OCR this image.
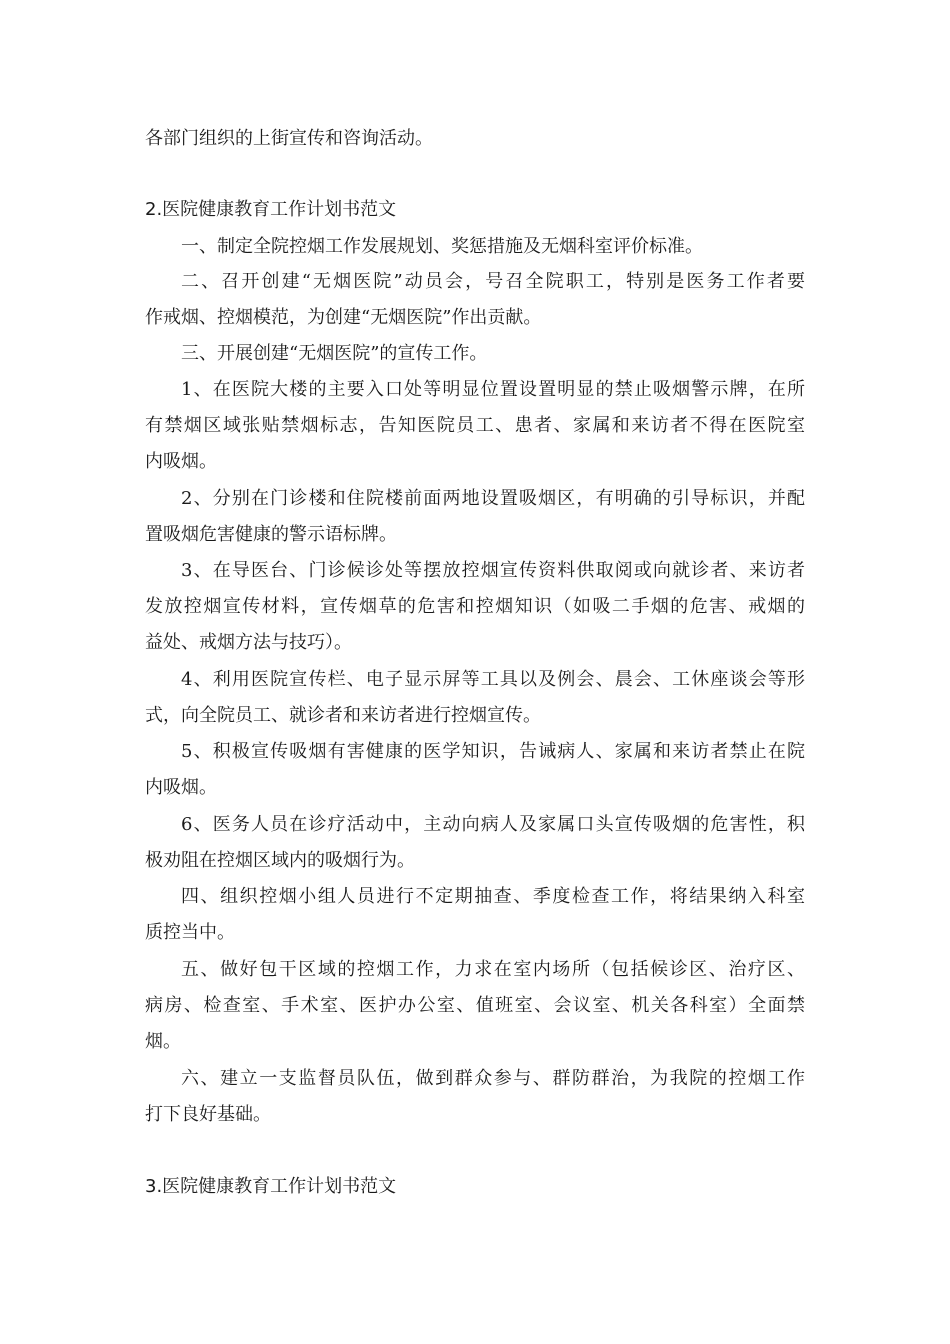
各部门组织的上街宣传和咨询活动。
2.医院健康教育工作计划书范文
一、制定全院控烟工作发展规划、奖惩措施及无烟科室评价标准。
二、召开创建“无烟医院”动员会，号召全院职工，特别是医务工作者要
作戒烟、控烟模范，为创建“无烟医院”作出贡献。
三、开展创建“无烟医院”的宣传工作。
1、在医院大楼的主要入口处等明显位置设置明显的禁止吸烟警示牌，在所
有禁烟区域张贴禁烟标志，告知医院员工、患者、家属和来访者不得在医院室
内吸烟。
2、分别在门诊楼和住院楼前面两地设置吸烟区，有明确的引导标识，并配
置吸烟危害健康的警示语标牌。
3、在导医台、门诊候诊处等摆放控烟宣传资料供取阅或向就诊者、来访者
发放控烟宣传材料，宣传烟草的危害和控烟知识（如吸二手烟的危害、戒烟的
益处、戒烟方法与技巧）。
4、利用医院宣传栏、电子显示屏等工具以及例会、晨会、工休座谈会等形
式，向全院员工、就诊者和来访者进行控烟宣传。
5、积极宣传吸烟有害健康的医学知识，告诫病人、家属和来访者禁止在院
内吸烟。
6、医务人员在诊疗活动中，主动向病人及家属口头宣传吸烟的危害性，积
极劝阻在控烟区域内的吸烟行为。
四、组织控烟小组人员进行不定期抽查、季度检查工作，将结果纳入科室
质控当中。
五、做好包干区域的控烟工作，力求在室内场所（包括候诊区、治疗区、
病房、检查室、手术室、医护办公室、值班室、会议室、机关各科室）全面禁
烟。
六、建立一支监督员队伍，做到群众参与、群防群治，为我院的控烟工作
打下良好基础。
3.医院健康教育工作计划书范文
